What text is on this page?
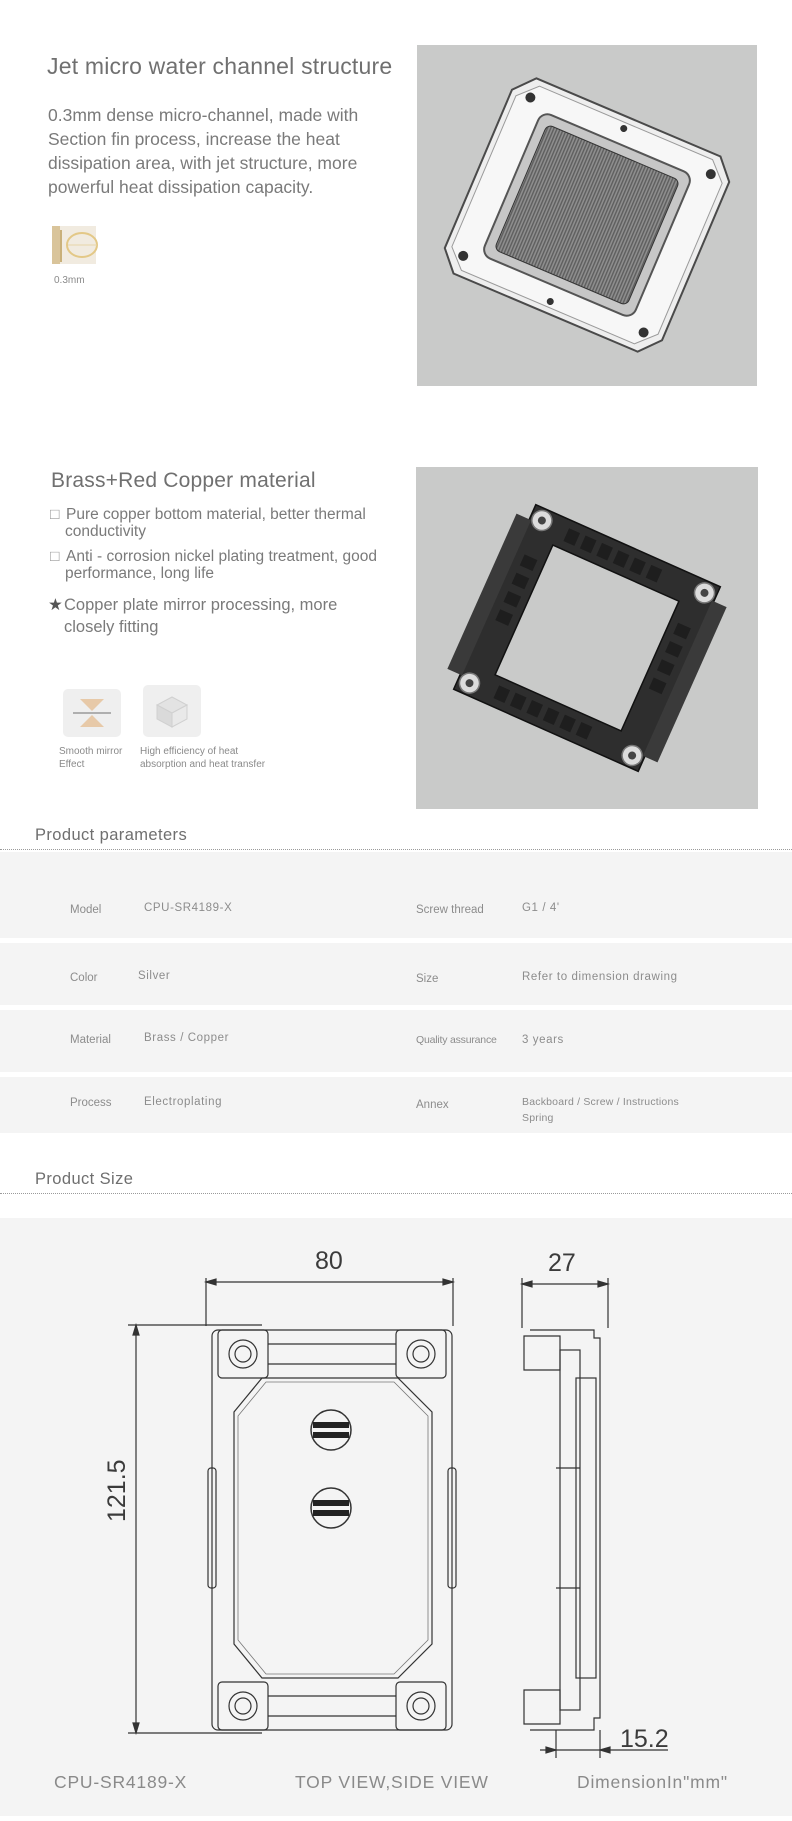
Jet micro water channel structure
0.3mm dense micro-channel, made with
Section fin process, increase the heat
dissipation area, with jet structure, more
powerful heat dissipation capacity.
0.3mm
Brass+Red Copper material
□ Pure copper bottom material, better thermal
conductivity
□ Anti - corrosion nickel plating treatment, good
performance, long life
★Copper plate mirror processing, more
closely fitting
Smooth mirror
Effect
High efficiency of heat
absorption and heat transfer
Product parameters
Model	CPU-SR4189-X	Screw thread	G1 / 4'
Color	Silver	Size	Refer to dimension drawing
Material	Brass / Copper	Quality assurance 3 years
Process	Electroplating	Annex	Backboard / Screw / Instructions
Spring
Product Size
80
121.5
27
15.2
CPU-SR4189-X	TOP VIEW,SIDE VIEW	DimensionIn"mm"
